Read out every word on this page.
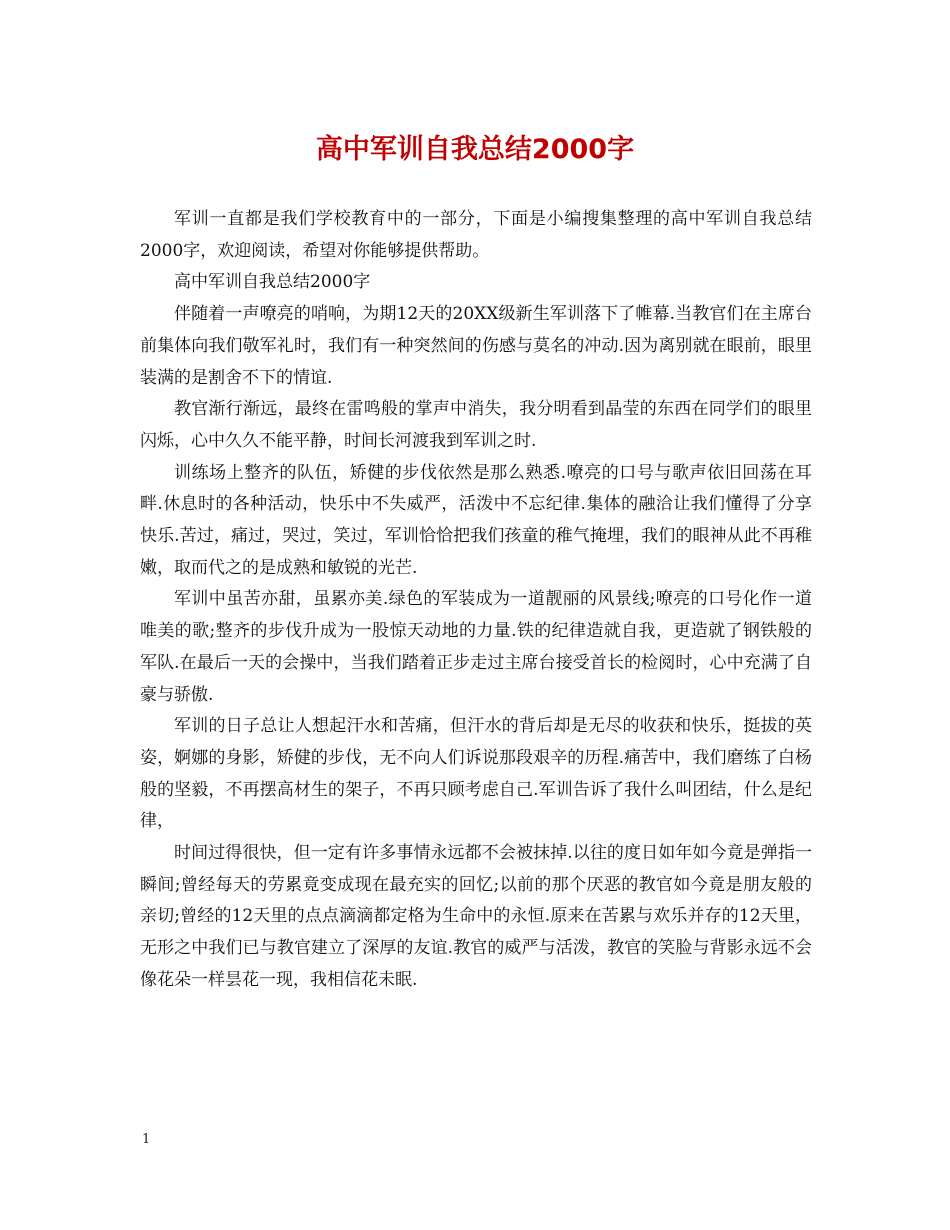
高中军训自我总结2000字

军训一直都是我们学校教育中的一部分，下面是小编搜集整理的高中军训自我总结2000字，欢迎阅读，希望对你能够提供帮助。

高中军训自我总结2000字

伴随着一声嘹亮的哨响，为期12天的20XX级新生军训落下了帷幕.当教官们在主席台前集体向我们敬军礼时，我们有一种突然间的伤感与莫名的冲动.因为离别就在眼前，眼里装满的是割舍不下的情谊.

教官渐行渐远，最终在雷鸣般的掌声中消失，我分明看到晶莹的东西在同学们的眼里闪烁，心中久久不能平静，时间长河渡我到军训之时.

训练场上整齐的队伍，矫健的步伐依然是那么熟悉.嘹亮的口号与歌声依旧回荡在耳畔.休息时的各种活动，快乐中不失威严，活泼中不忘纪律.集体的融洽让我们懂得了分享快乐.苦过，痛过，哭过，笑过，军训恰恰把我们孩童的稚气掩埋，我们的眼神从此不再稚嫩，取而代之的是成熟和敏锐的光芒.

军训中虽苦亦甜，虽累亦美.绿色的军装成为一道靓丽的风景线;嘹亮的口号化作一道唯美的歌;整齐的步伐升成为一股惊天动地的力量.铁的纪律造就自我，更造就了钢铁般的军队.在最后一天的会操中，当我们踏着正步走过主席台接受首长的检阅时，心中充满了自豪与骄傲.

军训的日子总让人想起汗水和苦痛，但汗水的背后却是无尽的收获和快乐，挺拔的英姿，婀娜的身影，矫健的步伐，无不向人们诉说那段艰辛的历程.痛苦中，我们磨练了白杨般的坚毅，不再摆高材生的架子，不再只顾考虑自己.军训告诉了我什么叫团结，什么是纪律，

时间过得很快，但一定有许多事情永远都不会被抹掉.以往的度日如年如今竟是弹指一瞬间;曾经每天的劳累竟变成现在最充实的回忆;以前的那个厌恶的教官如今竟是朋友般的亲切;曾经的12天里的点点滴滴都定格为生命中的永恒.原来在苦累与欢乐并存的12天里，无形之中我们已与教官建立了深厚的友谊.教官的威严与活泼，教官的笑脸与背影永远不会像花朵一样昙花一现，我相信花未眠.

1
